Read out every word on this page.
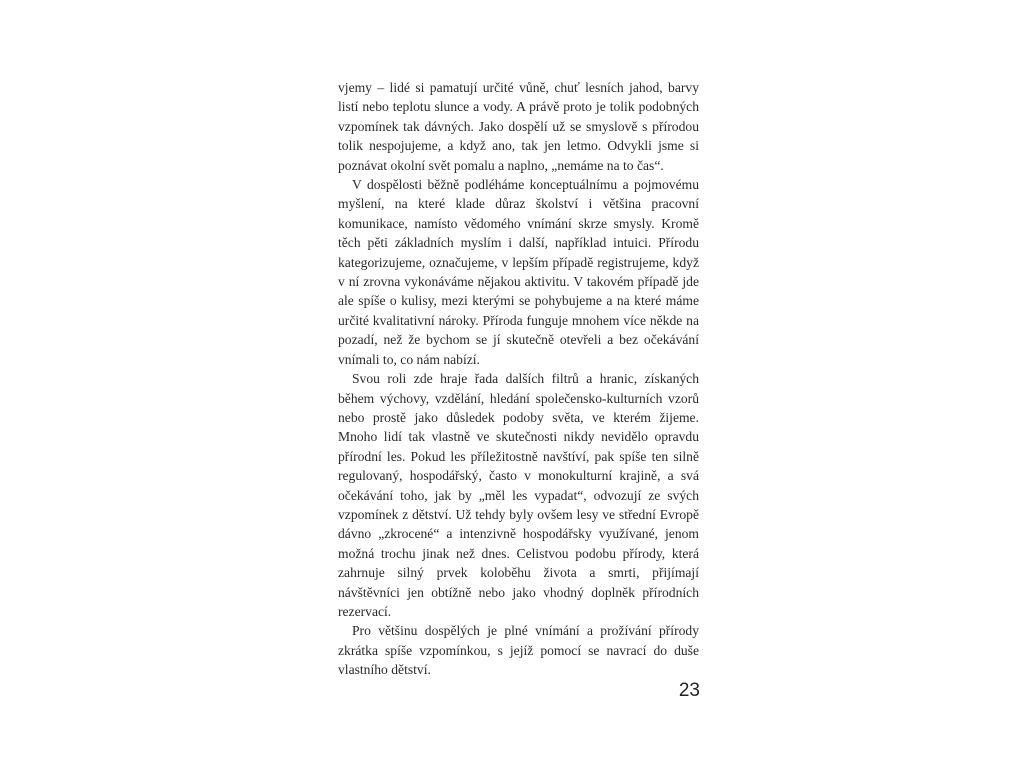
vjemy – lidé si pamatují určité vůně, chuť lesních jahod, barvy listí nebo teplotu slunce a vody. A právě proto je tolik podobných vzpomínek tak dávných. Jako dospělí už se smyslově s přírodou tolik nespojujeme, a když ano, tak jen letmo. Odvykli jsme si poznávat okolní svět pomalu a naplno, „nemáme na to čas“.

V dospělosti běžně podléháme konceptuálnímu a pojmovému myšlení, na které klade důraz školství i většina pracovní komunikace, namísto vědomého vnímání skrze smysly. Kromě těch pěti základních myslím i další, například intuici. Přírodu kategorizujeme, označujeme, v lepším případě registrujeme, když v ní zrovna vykonáváme nějakou aktivitu. V takovém případě jde ale spíše o kulisy, mezi kterými se pohybujeme a na které máme určité kvalitativní nároky. Příroda funguje mnohem více někde na pozadí, než že bychom se jí skutečně otevřeli a bez očekávání vnímali to, co nám nabízí.

Svou roli zde hraje řada dalších filtrů a hranic, získaných během výchovy, vzdělání, hledání společensko-kulturních vzorů nebo prostě jako důsledek podoby světa, ve kterém žijeme. Mnoho lidí tak vlastně ve skutečnosti nikdy nevidělo opravdu přírodní les. Pokud les příležitostně navštíví, pak spíše ten silně regulovaný, hospodářský, často v monokulturní krajině, a svá očekávání toho, jak by „měl les vypadat“, odvozují ze svých vzpomínek z dětství. Už tehdy byly ovšem lesy ve střední Evropě dávno „zkrocené“ a intenzivně hospodářsky využívané, jenom možná trochu jinak než dnes. Celistvou podobu přírody, která zahrnuje silný prvek koloběhu života a smrti, přijímají návštěvníci jen obtížně nebo jako vhodný doplněk přírodních rezervací.

Pro většinu dospělých je plné vnímání a prožívání přírody zkrátka spíše vzpomínkou, s jejíž pomocí se navrací do duše vlastního dětství.

23
